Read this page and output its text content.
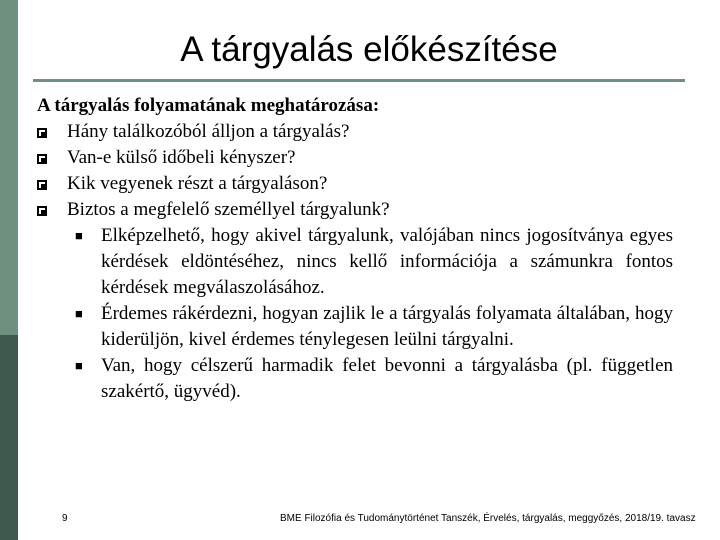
A tárgyalás előkészítése
A tárgyalás folyamatának meghatározása:
Hány találkozóból álljon a tárgyalás?
Van-e külső időbeli kényszer?
Kik vegyenek részt a tárgyaláson?
Biztos a megfelelő személlyel tárgyalunk?
■ Elképzelhető, hogy akivel tárgyalunk, valójában nincs jogosítványa egyes kérdések eldöntéséhez, nincs kellő információja a számunkra fontos kérdések megválaszolásához.
■ Érdemes rákérdezni, hogyan zajlik le a tárgyalás folyamata általában, hogy kiderüljön, kivel érdemes ténylegesen leülni tárgyalni.
■ Van, hogy célszerű harmadik felet bevonni a tárgyalásba (pl. független szakértő, ügyvéd).
9	BME Filozófia és Tudománytörténet Tanszék, Érvelés, tárgyalás, meggyőzés, 2018/19. tavasz
